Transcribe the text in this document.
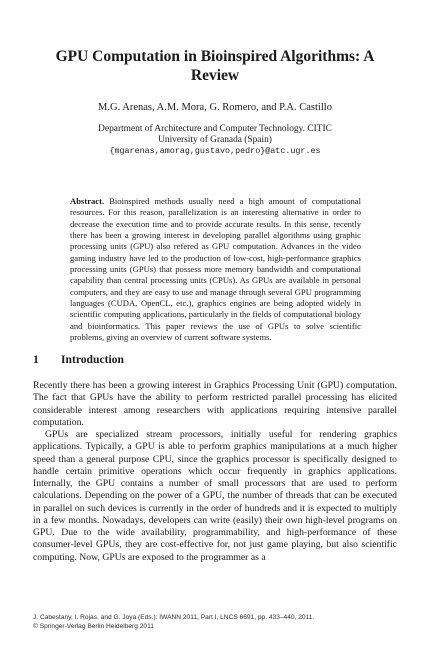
GPU Computation in Bioinspired Algorithms: A Review
M.G. Arenas, A.M. Mora, G. Romero, and P.A. Castillo
Department of Architecture and Computer Technology. CITIC
University of Granada (Spain)
{mgarenas,amorag,gustavo,pedro}@atc.ugr.es
Abstract. Bioinspired methods usually need a high amount of computational resources. For this reason, parallelization is an interesting alternative in order to decrease the execution time and to provide accurate results. In this sense, recently there has been a growing interest in developing parallel algorithms using graphic processing units (GPU) also refered as GPU computation. Advances in the video gaming industry have led to the production of low-cost, high-performance graphics processing units (GPUs) that possess more memory bandwidth and computational capability than central processing units (CPUs). As GPUs are available in personal computers, and they are easy to use and manage through several GPU programming languages (CUDA, OpenCL, etc.), graphics engines are being adopted widely in scientific computing applications, particularly in the fields of computational biology and bioinformatics. This paper reviews the use of GPUs to solve scientific problems, giving an overview of current software systems.
1 Introduction

Recently there has been a growing interest in Graphics Processing Unit (GPU) computation. The fact that GPUs have the ability to perform restricted parallel processing has elicited considerable interest among researchers with applications requiring intensive parallel computation.

GPUs are specialized stream processors, initially useful for rendering graphics applications. Typically, a GPU is able to perform graphics manipulations at a much higher speed than a general purpose CPU, since the graphics processor is specifically designed to handle certain primitive operations which occur frequently in graphics applications. Internally, the GPU contains a number of small processors that are used to perform calculations. Depending on the power of a GPU, the number of threads that can be executed in parallel on such devices is currently in the order of hundreds and it is expected to multiply in a few months. Nowadays, developers can write (easily) their own high-level programs on GPU. Due to the wide availability, programmability, and high-performance of these consumer-level GPUs, they are cost-effective for, not just game playing, but also scientific computing. Now, GPUs are exposed to the programmer as a

J. Cabestany, I. Rojas, and G. Joya (Eds.): IWANN 2011, Part I, LNCS 6691, pp. 433–440, 2011.
© Springer-Verlag Berlin Heidelberg 2011
